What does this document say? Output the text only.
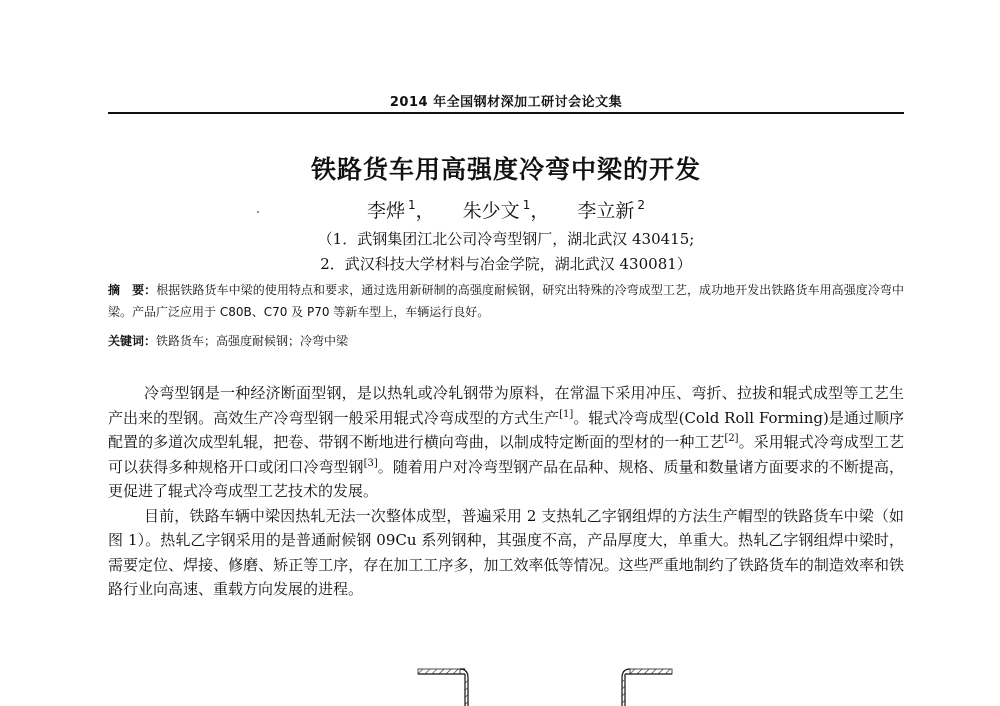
2014 年全国钢材深加工研讨会论文集
铁路货车用高强度冷弯中梁的开发
李烨 $^1$， 朱少文 $^1$， 李立新 $^2$
（1．武钢集团江北公司冷弯型钢厂，湖北武汉 430415;
2．武汉科技大学材料与冶金学院，湖北武汉 430081）
摘　要：根据铁路货车中梁的使用特点和要求，通过选用新研制的高强度耐候钢，研究出特殊的冷弯成型工艺，成功地开发出铁路货车用高强度冷弯中梁。产品广泛应用于 C80B、C70 及 P70 等新车型上，车辆运行良好。
关键词：铁路货车；高强度耐候钢；冷弯中梁

冷弯型钢是一种经济断面型钢，是以热轧或冷轧钢带为原料，在常温下采用冲压、弯折、拉拔和辊式成型等工艺生产出来的型钢。高效生产冷弯型钢一般采用辊式冷弯成型的方式生产[1]。辊式冷弯成型(Cold Roll Forming)是通过顺序配置的多道次成型轧辊，把卷、带钢不断地进行横向弯曲，以制成特定断面的型材的一种工艺[2]。采用辊式冷弯成型工艺可以获得多种规格开口或闭口冷弯型钢[3]。随着用户对冷弯型钢产品在品种、规格、质量和数量诸方面要求的不断提高，更促进了辊式冷弯成型工艺技术的发展。

目前，铁路车辆中梁因热轧无法一次整体成型，普遍采用 2 支热轧乙字钢组焊的方法生产帽型的铁路货车中梁（如图 1）。热轧乙字钢采用的是普通耐候钢 09Cu 系列钢种，其强度不高，产品厚度大，单重大。热轧乙字钢组焊中梁时，需要定位、焊接、修磨、矫正等工序，存在加工工序多，加工效率低等情况。这些严重地制约了铁路货车的制造效率和铁路行业向高速、重载方向发展的进程。
